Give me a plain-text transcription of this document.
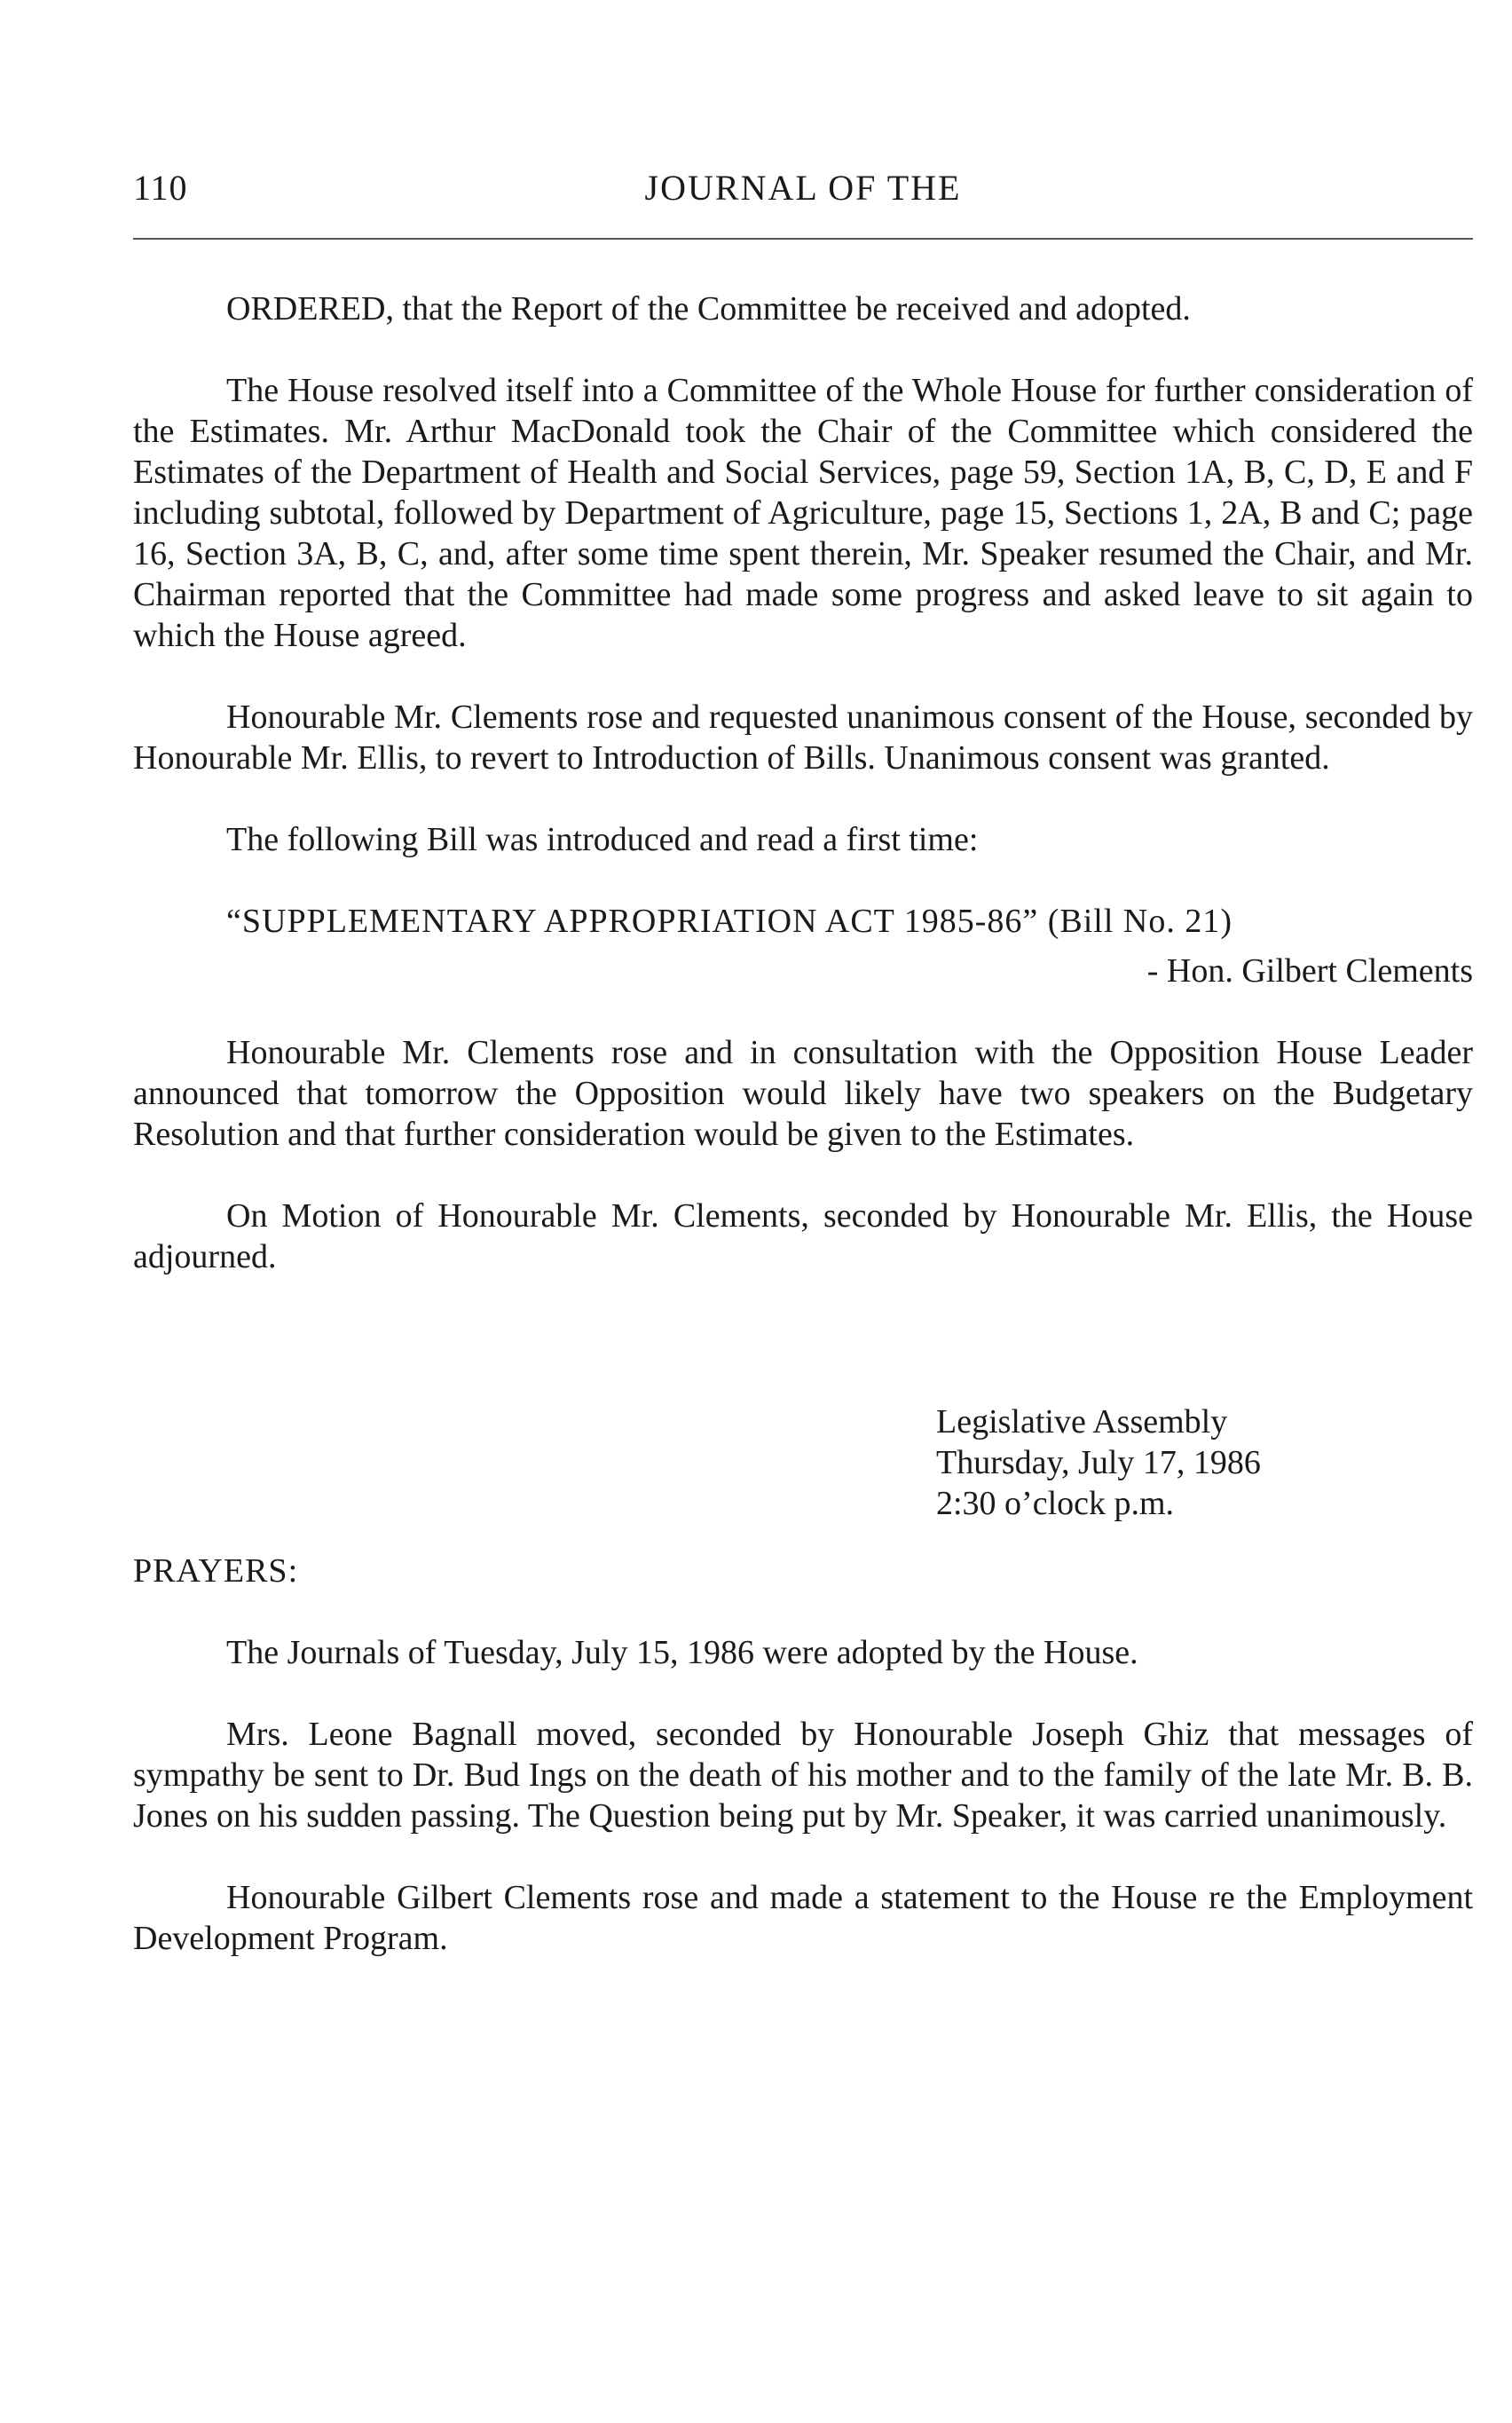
110	JOURNAL OF THE

ORDERED, that the Report of the Committee be received and adopted.

The House resolved itself into a Committee of the Whole House for further consideration of the Estimates. Mr. Arthur MacDonald took the Chair of the Committee which considered the Estimates of the Department of Health and Social Services, page 59, Section 1A, B, C, D, E and F including subtotal, followed by Department of Agriculture, page 15, Sections 1, 2A, B and C; page 16, Section 3A, B, C, and, after some time spent therein, Mr. Speaker resumed the Chair, and Mr. Chairman reported that the Committee had made some progress and asked leave to sit again to which the House agreed.

Honourable Mr. Clements rose and requested unanimous consent of the House, seconded by Honourable Mr. Ellis, to revert to Introduction of Bills. Unanimous consent was granted.

The following Bill was introduced and read a first time:

“SUPPLEMENTARY APPROPRIATION ACT 1985-86” (Bill No. 21)

- Hon. Gilbert Clements

Honourable Mr. Clements rose and in consultation with the Opposition House Leader announced that tomorrow the Opposition would likely have two speakers on the Budgetary Resolution and that further consideration would be given to the Estimates.

On Motion of Honourable Mr. Clements, seconded by Honourable Mr. Ellis, the House adjourned.

Legislative Assembly
Thursday, July 17, 1986
2:30 o’clock p.m.

PRAYERS:

The Journals of Tuesday, July 15, 1986 were adopted by the House.

Mrs. Leone Bagnall moved, seconded by Honourable Joseph Ghiz that messages of sympathy be sent to Dr. Bud Ings on the death of his mother and to the family of the late Mr. B. B. Jones on his sudden passing. The Question being put by Mr. Speaker, it was carried unanimously.

Honourable Gilbert Clements rose and made a statement to the House re the Employment Development Program.
